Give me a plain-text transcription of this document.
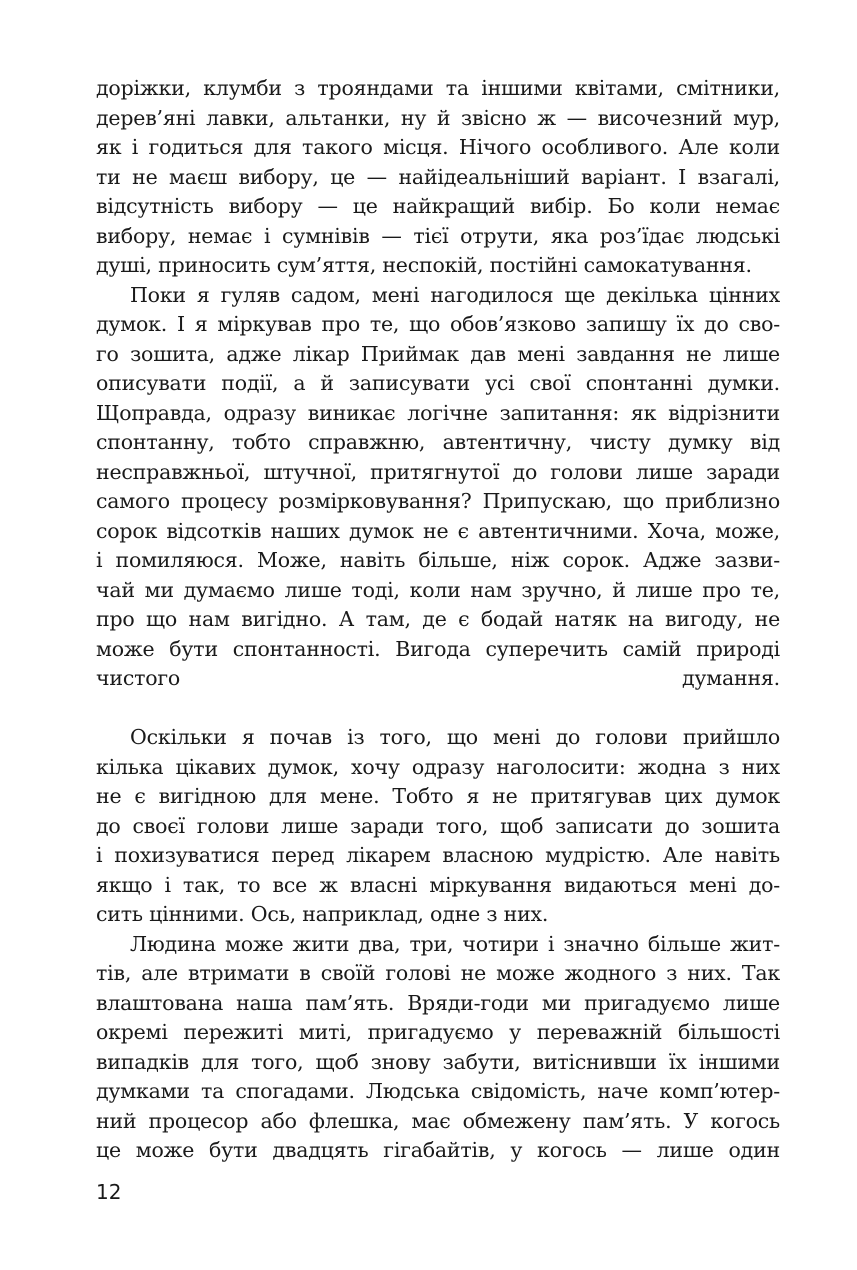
доріжки, клумби з трояндами та іншими квітами, смітники,
дерев’яні лавки, альтанки, ну й звісно ж — височезний мур,
як і годиться для такого місця. Нічого особливого. Але коли
ти не маєш вибору, це — найідеальніший варіант. І взагалі,
відсутність вибору — це найкращий вибір. Бо коли немає
вибору, немає і сумнівів — тієї отрути, яка роз’їдає людські
душі, приносить сум’яття, неспокій, постійні самокатування.
Поки я гуляв садом, мені нагодилося ще декілька цінних
думок. І я міркував про те, що обов’язково запишу їх до сво-
го зошита, адже лікар Приймак дав мені завдання не лише
описувати події, а й записувати усі свої спонтанні думки.
Щоправда, одразу виникає логічне запитання: як відрізнити
спонтанну, тобто справжню, автентичну, чисту думку від
несправжньої, штучної, притягнутої до голови лише заради
самого процесу розмірковування? Припускаю, що приблизно
сорок відсотків наших думок не є автентичними. Хоча, може,
і помиляюся. Може, навіть більше, ніж сорок. Адже зазви-
чай ми думаємо лише тоді, коли нам зручно, й лише про те,
про що нам вигідно. А там, де є бодай натяк на вигоду, не
може бути спонтанності. Вигода суперечить самій природі
чистого думання.
Оскільки я почав із того, що мені до голови прийшло
кілька цікавих думок, хочу одразу наголосити: жодна з них
не є вигідною для мене. Тобто я не притягував цих думок
до своєї голови лише заради того, щоб записати до зошита
і похизуватися перед лікарем власною мудрістю. Але навіть
якщо і так, то все ж власні міркування видаються мені до-
сить цінними. Ось, наприклад, одне з них.
Людина може жити два, три, чотири і значно більше жит-
тів, але втримати в своїй голові не може жодного з них. Так
влаштована наша пам’ять. Вряди-годи ми пригадуємо лише
окремі пережиті миті, пригадуємо у переважній більшості
випадків для того, щоб знову забути, витіснивши їх іншими
думками та спогадами. Людська свідомість, наче комп’ютер-
ний процесор або флешка, має обмежену пам’ять. У когось
це може бути двадцять гігабайтів, у когось — лише один
12
